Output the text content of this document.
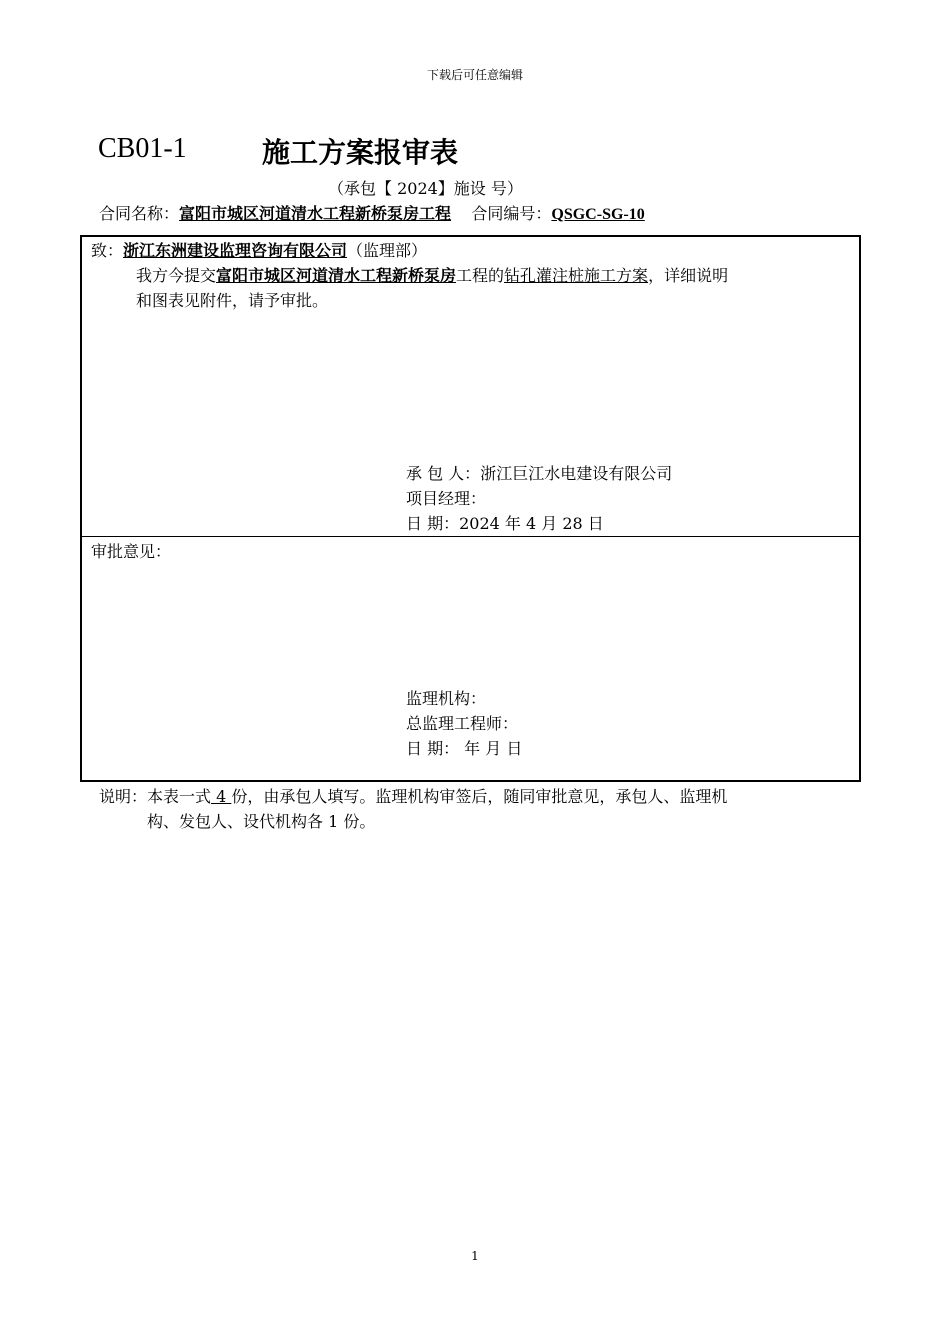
下载后可任意编辑
CB01-1	施工方案报审表
（承包【 2024】施设 号）
合同名称：富阳市城区河道清水工程新桥泵房工程 合同编号：QSGC-SG-10
致：浙江东洲建设监理咨询有限公司（监理部）
我方今提交富阳市城区河道清水工程新桥泵房工程的钻孔灌注桩施工方案，详细说明
和图表见附件，请予审批。
承 包 人：浙江巨江水电建设有限公司
项目经理：
日 期：2024 年 4 月 28 日
审批意见：
监理机构：
总监理工程师：
日 期： 年 月 日
说明：本表一式 4 份，由承包人填写。监理机构审签后，随同审批意见，承包人、监理机
构、发包人、设代机构各 1 份。
1
